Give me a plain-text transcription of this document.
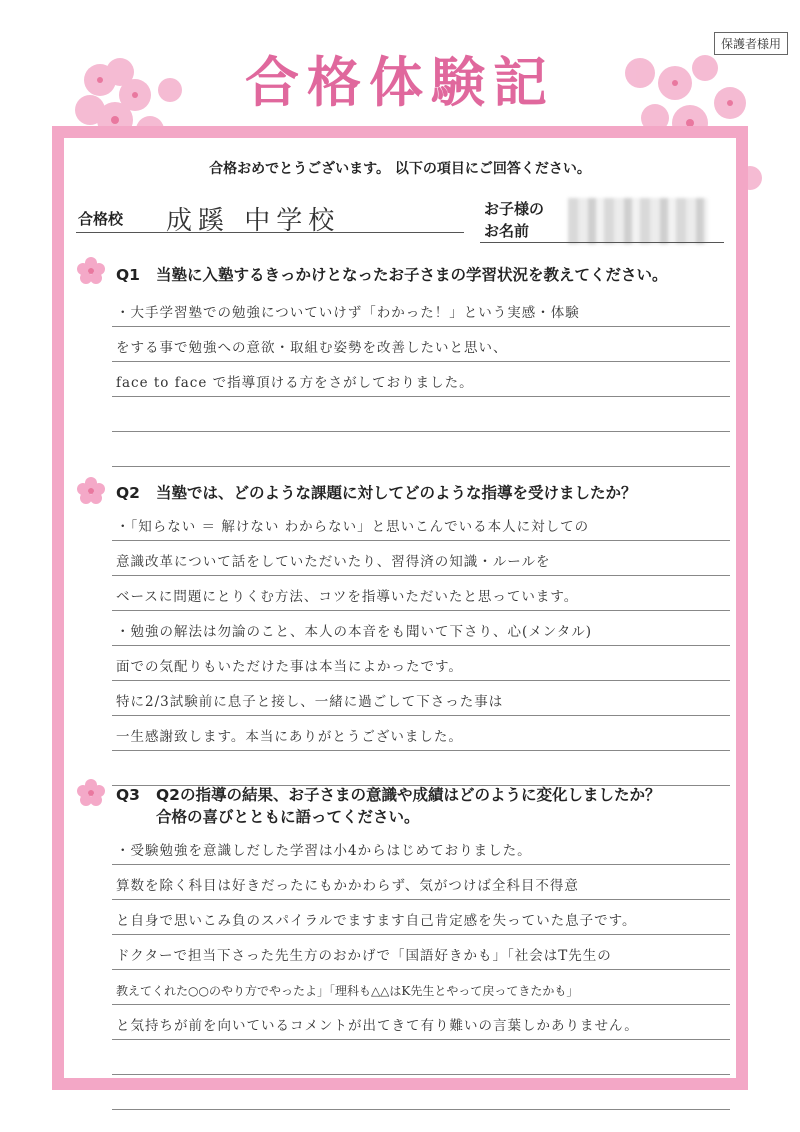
保護者様用
合格体験記
合格おめでとうございます。 以下の項目にご回答ください。
合格校 成蹊 中学校	お子様の
お名前
Q1 当塾に入塾するきっかけとなったお子さまの学習状況を教えてください。
・大手学習塾での勉強についていけず「わかった！」という実感・体験
をする事で勉強への意欲・取組む姿勢を改善したいと思い、
face to face で指導頂ける方をさがしておりました。
Q2 当塾では、どのような課題に対してどのような指導を受けましたか？
・「知らない ＝ 解けない わからない」と思いこんでいる本人に対しての
意識改革について話をしていただいたり、習得済の知識・ルールを
ベースに問題にとりくむ方法、コツを指導いただいたと思っています。
・勉強の解法は勿論のこと、本人の本音をも聞いて下さり、心(メンタル)
面での気配りもいただけた事は本当によかったです。
特に2/3試験前に息子と接し、一緒に過ごして下さった事は
一生感謝致します。本当にありがとうございました。
Q3 Q2の指導の結果、お子さまの意識や成績はどのように変化しましたか？
合格の喜びとともに語ってください。
・受験勉強を意識しだした学習は小4からはじめておりました。
算数を除く科目は好きだったにもかかわらず、気がつけば全科目不得意
と自身で思いこみ負のスパイラルでますます自己肯定感を失っていた息子です。
ドクターで担当下さった先生方のおかげで「国語好きかも」「社会はT先生の
教えてくれた○○のやり方でやったよ」「理科も△△はK先生とやって戻ってきたかも」
と気持ちが前を向いているコメントが出てきて有り難いの言葉しかありません。
